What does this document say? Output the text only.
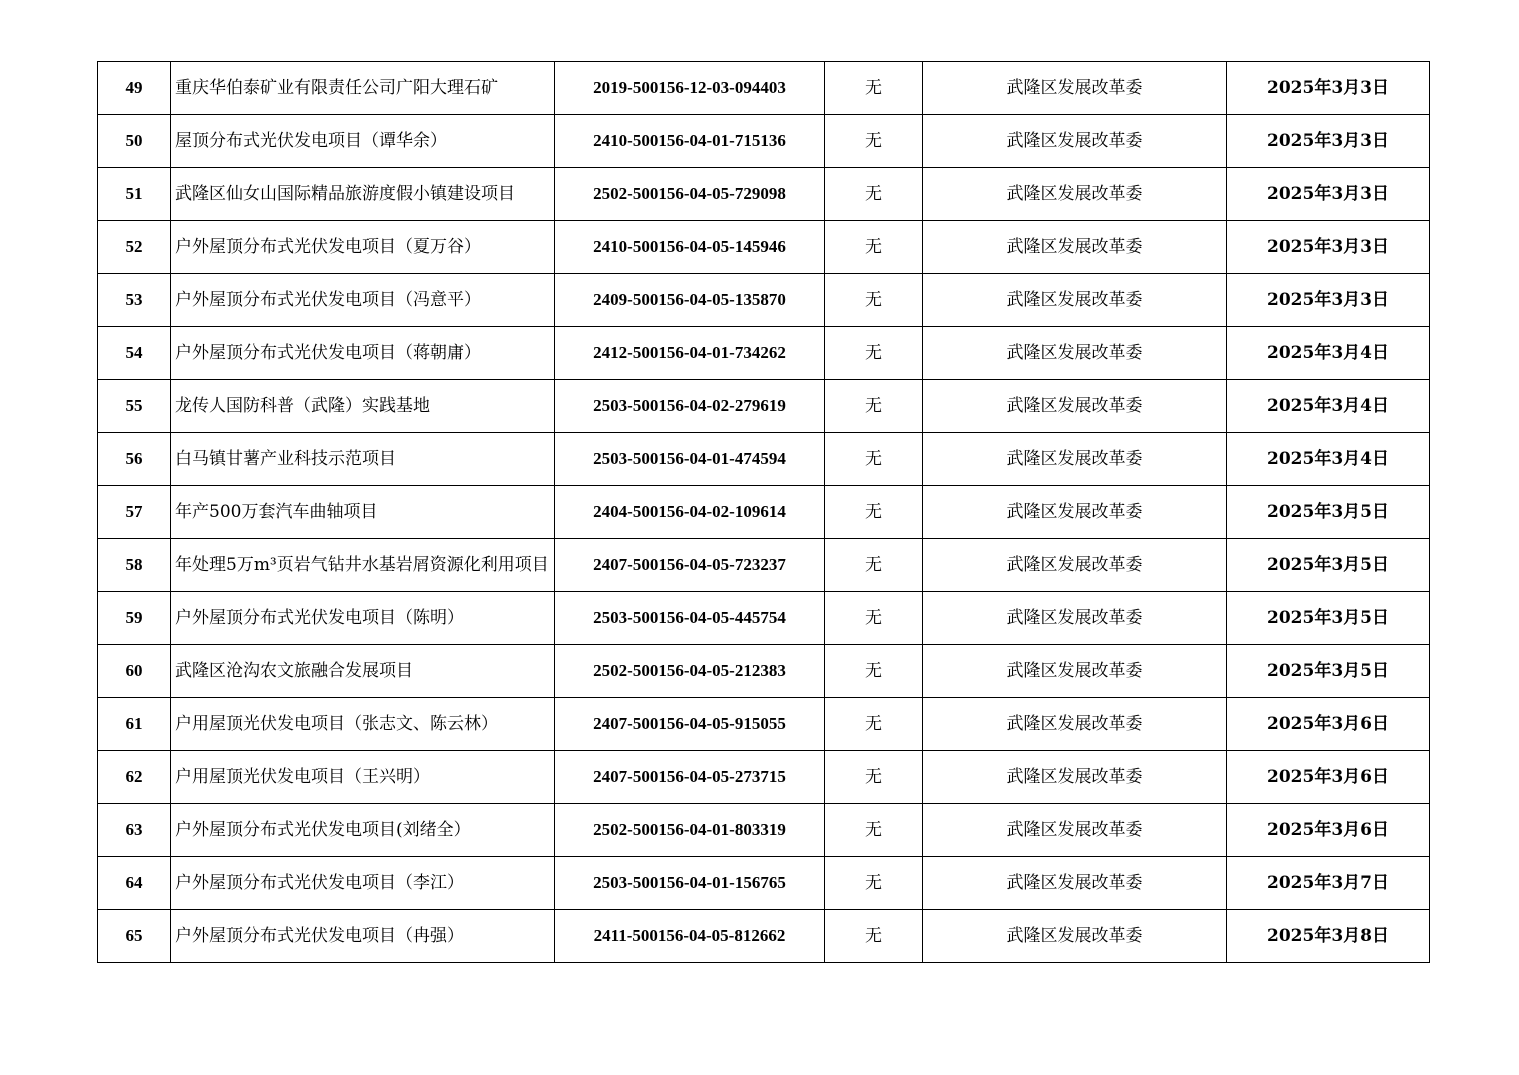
49	重庆华伯泰矿业有限责任公司广阳大理石矿	2019-500156-12-03-094403	无	武隆区发展改革委	2025年3月3日
50	屋顶分布式光伏发电项目（谭华余）	2410-500156-04-01-715136	无	武隆区发展改革委	2025年3月3日
51	武隆区仙女山国际精品旅游度假小镇建设项目	2502-500156-04-05-729098	无	武隆区发展改革委	2025年3月3日
52	户外屋顶分布式光伏发电项目（夏万谷）	2410-500156-04-05-145946	无	武隆区发展改革委	2025年3月3日
53	户外屋顶分布式光伏发电项目（冯意平）	2409-500156-04-05-135870	无	武隆区发展改革委	2025年3月3日
54	户外屋顶分布式光伏发电项目（蒋朝庸）	2412-500156-04-01-734262	无	武隆区发展改革委	2025年3月4日
55	龙传人国防科普（武隆）实践基地	2503-500156-04-02-279619	无	武隆区发展改革委	2025年3月4日
56	白马镇甘薯产业科技示范项目	2503-500156-04-01-474594	无	武隆区发展改革委	2025年3月4日
57	年产500万套汽车曲轴项目	2404-500156-04-02-109614	无	武隆区发展改革委	2025年3月5日
58	年处理5万m³页岩气钻井水基岩屑资源化利用项目	2407-500156-04-05-723237	无	武隆区发展改革委	2025年3月5日
59	户外屋顶分布式光伏发电项目（陈明）	2503-500156-04-05-445754	无	武隆区发展改革委	2025年3月5日
60	武隆区沧沟农文旅融合发展项目	2502-500156-04-05-212383	无	武隆区发展改革委	2025年3月5日
61	户用屋顶光伏发电项目（张志文、陈云林）	2407-500156-04-05-915055	无	武隆区发展改革委	2025年3月6日
62	户用屋顶光伏发电项目（王兴明）	2407-500156-04-05-273715	无	武隆区发展改革委	2025年3月6日
63	户外屋顶分布式光伏发电项目(刘绪全）	2502-500156-04-01-803319	无	武隆区发展改革委	2025年3月6日
64	户外屋顶分布式光伏发电项目（李江）	2503-500156-04-01-156765	无	武隆区发展改革委	2025年3月7日
65	户外屋顶分布式光伏发电项目（冉强）	2411-500156-04-05-812662	无	武隆区发展改革委	2025年3月8日
